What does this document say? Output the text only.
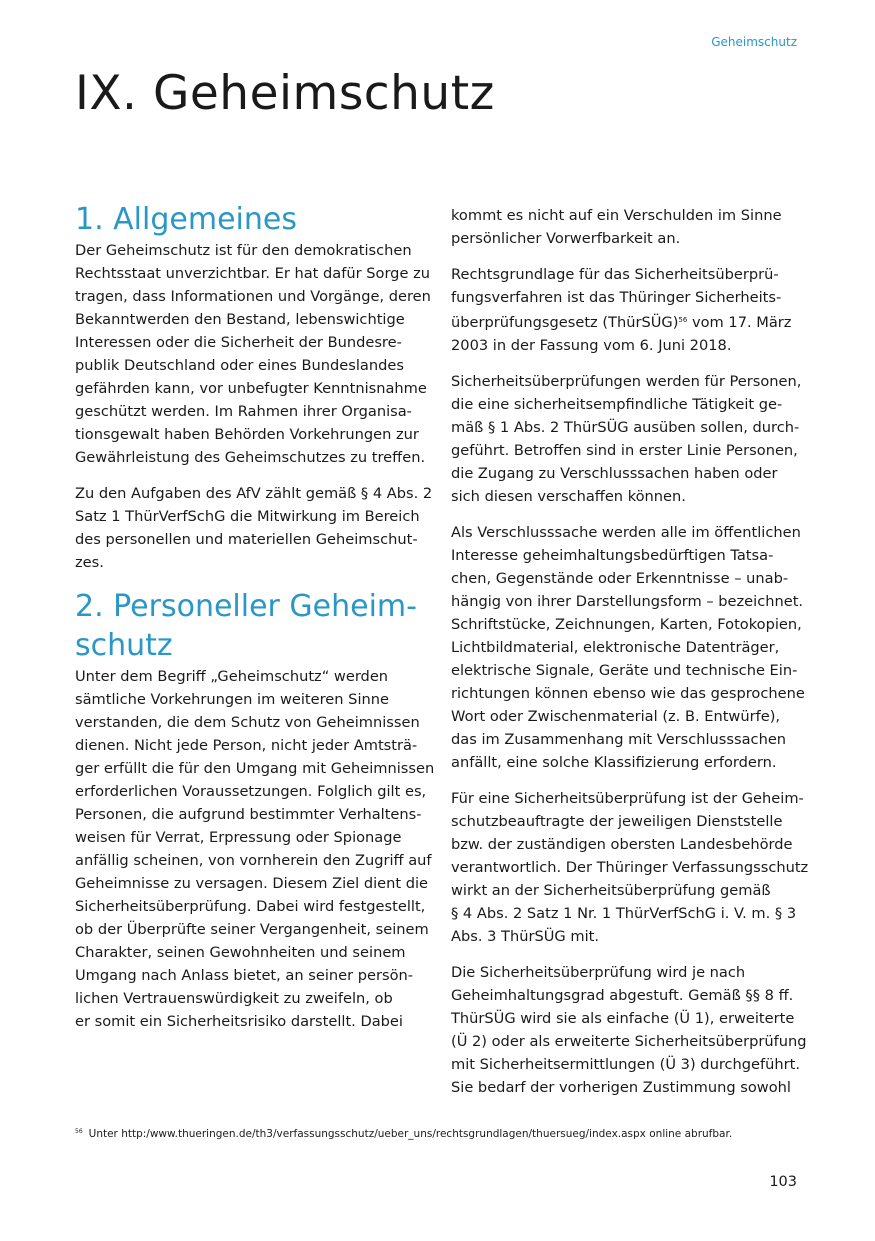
Geheimschutz
IX. Geheimschutz
1. Allgemeines

Der Geheimschutz ist für den demokratischen
Rechtsstaat unverzichtbar. Er hat dafür Sorge zu
tragen, dass Informationen und Vorgänge, deren
Bekanntwerden den Bestand, lebenswichtige
Interessen oder die Sicherheit der Bundesre-
publik Deutschland oder eines Bundeslandes
gefährden kann, vor unbefugter Kenntnisnahme
geschützt werden. Im Rahmen ihrer Organisa-
tionsgewalt haben Behörden Vorkehrungen zur
Gewährleistung des Geheimschutzes zu treffen.

Zu den Aufgaben des AfV zählt gemäß § 4 Abs. 2
Satz 1 ThürVerfSchG die Mitwirkung im Bereich
des personellen und materiellen Geheimschut-
zes.

2. Personeller Geheim-
schutz

Unter dem Begriff „Geheimschutz“ werden
sämtliche Vorkehrungen im weiteren Sinne
verstanden, die dem Schutz von Geheimnissen
dienen. Nicht jede Person, nicht jeder Amtsträ-
ger erfüllt die für den Umgang mit Geheimnissen
erforderlichen Voraussetzungen. Folglich gilt es,
Personen, die aufgrund bestimmter Verhaltens-
weisen für Verrat, Erpressung oder Spionage
anfällig scheinen, von vornherein den Zugriff auf
Geheimnisse zu versagen. Diesem Ziel dient die
Sicherheitsüberprüfung. Dabei wird festgestellt,
ob der Überprüfte seiner Vergangenheit, seinem
Charakter, seinen Gewohnheiten und seinem
Umgang nach Anlass bietet, an seiner persön-
lichen Vertrauenswürdigkeit zu zweifeln, ob
er somit ein Sicherheitsrisiko darstellt. Dabei

kommt es nicht auf ein Verschulden im Sinne
persönlicher Vorwerfbarkeit an.

Rechtsgrundlage für das Sicherheitsüberprü-
fungsverfahren ist das Thüringer Sicherheits-
überprüfungsgesetz (ThürSÜG)$^{56}$ vom 17. März
2003 in der Fassung vom 6. Juni 2018.

Sicherheitsüberprüfungen werden für Personen,
die eine sicherheitsempfindliche Tätigkeit ge-
mäß § 1 Abs. 2 ThürSÜG ausüben sollen, durch-
geführt. Betroffen sind in erster Linie Personen,
die Zugang zu Verschlusssachen haben oder
sich diesen verschaffen können.

Als Verschlusssache werden alle im öffentlichen
Interesse geheimhaltungsbedürftigen Tatsa-
chen, Gegenstände oder Erkenntnisse – unab-
hängig von ihrer Darstellungsform – bezeichnet.
Schriftstücke, Zeichnungen, Karten, Fotokopien,
Lichtbildmaterial, elektronische Datenträger,
elektrische Signale, Geräte und technische Ein-
richtungen können ebenso wie das gesprochene
Wort oder Zwischenmaterial (z. B. Entwürfe),
das im Zusammenhang mit Verschlusssachen
anfällt, eine solche Klassifizierung erfordern.

Für eine Sicherheitsüberprüfung ist der Geheim-
schutzbeauftragte der jeweiligen Dienststelle
bzw. der zuständigen obersten Landesbehörde
verantwortlich. Der Thüringer Verfassungsschutz
wirkt an der Sicherheitsüberprüfung gemäß
§ 4 Abs. 2 Satz 1 Nr. 1 ThürVerfSchG i. V. m. § 3
Abs. 3 ThürSÜG mit.

Die Sicherheitsüberprüfung wird je nach
Geheimhaltungsgrad abgestuft. Gemäß §§ 8 ff.
ThürSÜG wird sie als einfache (Ü 1), erweiterte
(Ü 2) oder als erweiterte Sicherheitsüberprüfung
mit Sicherheitsermittlungen (Ü 3) durchgeführt.
Sie bedarf der vorherigen Zustimmung sowohl

$^{56}$ Unter http:/www.thueringen.de/th3/verfassungsschutz/ueber_uns/rechtsgrundlagen/thuersueg/index.aspx online abrufbar.
103
